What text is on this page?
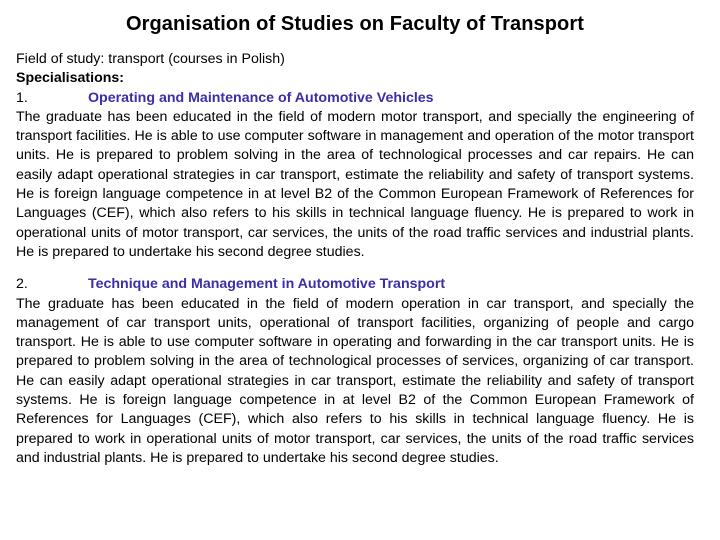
Organisation of Studies on Faculty of Transport

Field of study: transport (courses in Polish)

Specialisations:

1.	Operating and Maintenance of Automotive Vehicles

The graduate has been educated in the field of modern motor transport, and specially the engineering of transport facilities. He is able to use computer software in management and operation of the motor transport units. He is prepared to problem solving in the area of technological processes and car repairs. He can easily adapt operational strategies in car transport, estimate the reliability and safety of transport systems. He is foreign language competence in at level B2 of the Common European Framework of References for Languages (CEF), which also refers to his skills in technical language fluency. He is prepared to work in operational units of motor transport, car services, the units of the road traffic services and industrial plants. He is prepared to undertake his second degree studies.

2.	Technique and Management in Automotive Transport

The graduate has been educated in the field of modern operation in car transport, and specially the management of car transport units, operational of transport facilities, organizing of people and cargo transport. He is able to use computer software in operating and forwarding in the car transport units. He is prepared to problem solving in the area of technological processes of services, organizing of car transport. He can easily adapt operational strategies in car transport, estimate the reliability and safety of transport systems. He is foreign language competence in at level B2 of the Common European Framework of References for Languages (CEF), which also refers to his skills in technical language fluency. He is prepared to work in operational units of motor transport, car services, the units of the road traffic services and industrial plants. He is prepared to undertake his second degree studies.
